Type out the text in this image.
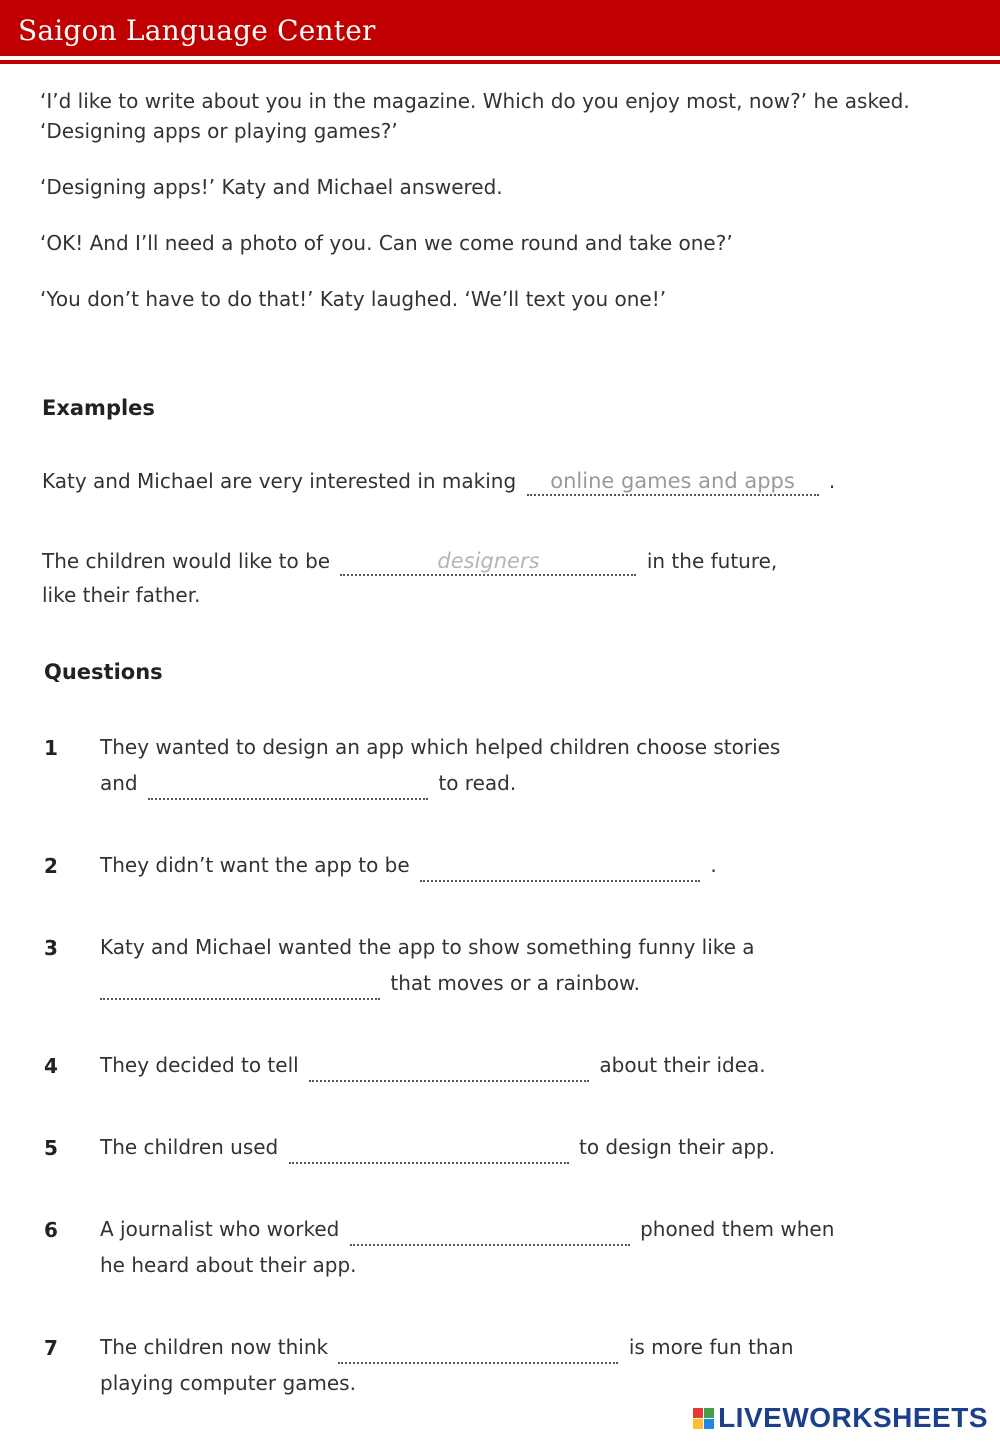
Saigon Language Center

‘I’d like to write about you in the magazine. Which do you enjoy most, now?’ he asked. ‘Designing apps or playing games?’

‘Designing apps!’ Katy and Michael answered.

‘OK! And I’ll need a photo of you. Can we come round and take one?’

‘You don’t have to do that!’ Katy laughed. ‘We’ll text you one!’

Examples
Katy and Michael are very interested in making online games and apps .
The children would like to be	designers	in the future,
like their father.
Questions
1 They wanted to design an app which helped children choose stories
and	to read.
2 They didn’t want the app to be	.
3 Katy and Michael wanted the app to show something funny like a
that moves or a rainbow.
4 They decided to tell	about their idea.
5 The children used	to design their app.
6 A journalist who worked	phoned them when
he heard about their app.
7 The children now think	is more fun than
playing computer games.
LIVEWORKSHEETS
